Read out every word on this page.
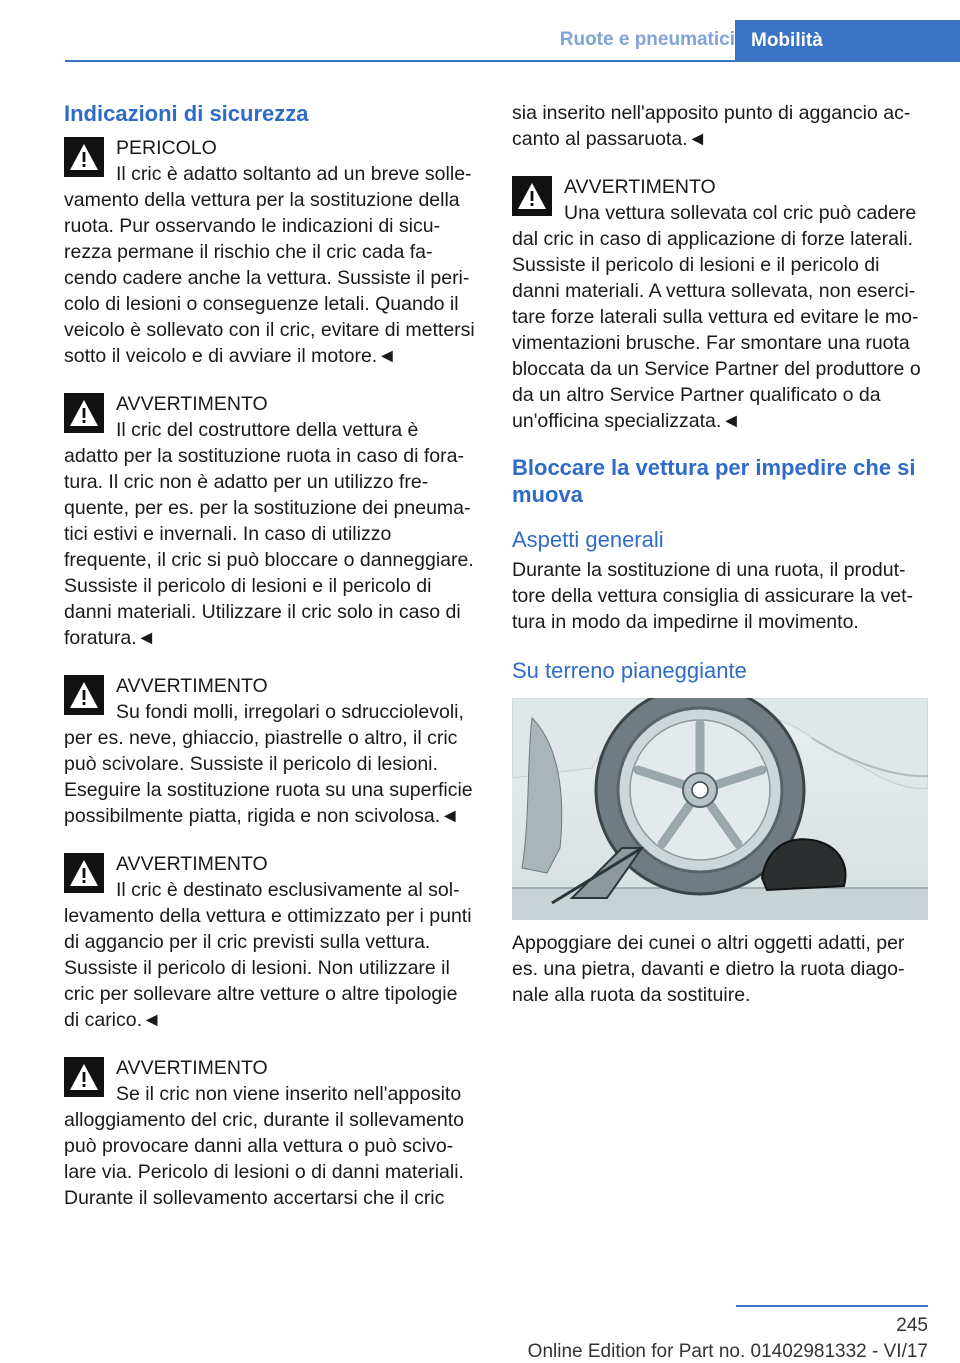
Ruote e pneumatici Mobilità
Indicazioni di sicurezza
PERICOLO

Il cric è adatto soltanto ad un breve sollevamento della vettura per la sostituzione della ruota. Pur osservando le indicazioni di sicurezza permane il rischio che il cric cada facendo cadere anche la vettura. Sussiste il pericolo di lesioni o conseguenze letali. Quando il veicolo è sollevato con il cric, evitare di mettersi sotto il veicolo e di avviare il motore.◄

AVVERTIMENTO

Il cric del costruttore della vettura è adatto per la sostituzione ruota in caso di foratura. Il cric non è adatto per un utilizzo frequente, per es. per la sostituzione dei pneumatici estivi e invernali. In caso di utilizzo frequente, il cric si può bloccare o danneggiare. Sussiste il pericolo di lesioni e il pericolo di danni materiali. Utilizzare il cric solo in caso di foratura.◄

AVVERTIMENTO

Su fondi molli, irregolari o sdrucciolevoli, per es. neve, ghiaccio, piastrelle o altro, il cric può scivolare. Sussiste il pericolo di lesioni. Eseguire la sostituzione ruota su una superficie possibilmente piatta, rigida e non scivolosa.◄

AVVERTIMENTO

Il cric è destinato esclusivamente al sollevamento della vettura e ottimizzato per i punti di aggancio per il cric previsti sulla vettura. Sussiste il pericolo di lesioni. Non utilizzare il cric per sollevare altre vetture o altre tipologie di carico.◄

AVVERTIMENTO

Se il cric non viene inserito nell'apposito alloggiamento del cric, durante il sollevamento può provocare danni alla vettura o può scivolare via. Pericolo di lesioni o di danni materiali. Durante il sollevamento accertarsi che il cric

sia inserito nell'apposito punto di aggancio accanto al passaruota.◄

AVVERTIMENTO

Una vettura sollevata col cric può cadere dal cric in caso di applicazione di forze laterali. Sussiste il pericolo di lesioni e il pericolo di danni materiali. A vettura sollevata, non esercitare forze laterali sulla vettura ed evitare le movimentazioni brusche. Far smontare una ruota bloccata da un Service Partner del produttore o da un altro Service Partner qualificato o da un'officina specializzata.◄

Bloccare la vettura per impedire che si muova
Aspetti generali

Durante la sostituzione di una ruota, il produttore della vettura consiglia di assicurare la vettura in modo da impedirne il movimento.

Su terreno pianeggiante

Appoggiare dei cunei o altri oggetti adatti, per es. una pietra, davanti e dietro la ruota diagonale alla ruota da sostituire.

245
Online Edition for Part no. 01402981332 - VI/17
